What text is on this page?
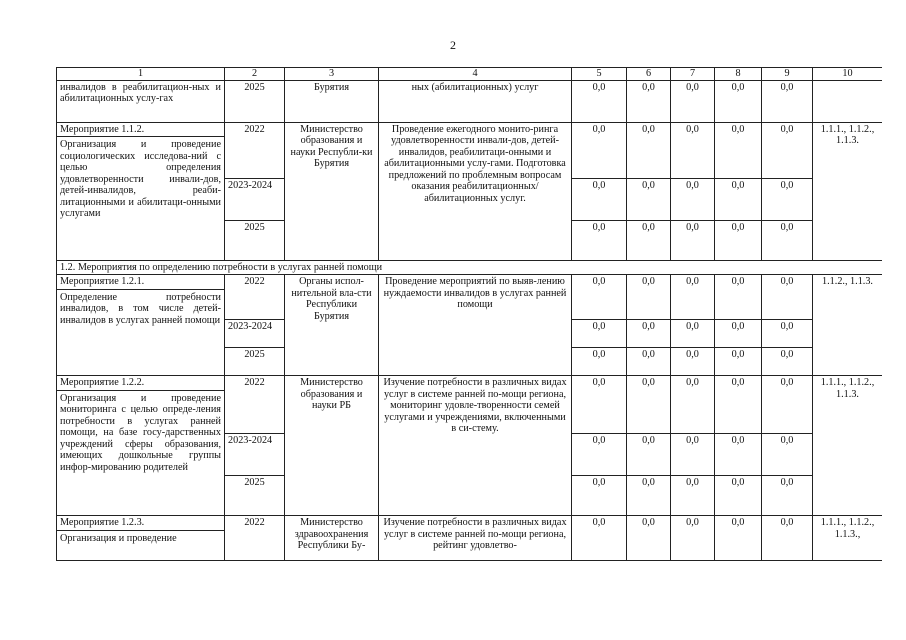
2
1	2	3	4	5	6	7	8	9	10
инвалидов в реабилитацион-ных и абилитационных услу-гах	2025	Бурятия	ных (абилитационных) услуг	0,0	0,0	0,0	0,0	0,0	

Мероприятие 1.1.2.
Организация и проведение социологических исследова-ний с целью определения удовлетворенности инвали-дов, детей-инвалидов, реаби-литационными и абилитаци-онными услугами	2022	Министерство образования и науки Республи-ки Бурятия	Проведение ежегодного монито-ринга удовлетворенности инвали-дов, детей-инвалидов, реабилитаци-онными и абилитационными услу-гами. Подготовка предложений по проблемным вопросам оказания реабилитационных/абилитационных услуг.	0,0	0,0	0,0	0,0	0,0	1.1.1., 1.1.2., 1.1.3.
	2023-2024			0,0	0,0	0,0	0,0	0,0	
	2025			0,0	0,0	0,0	0,0	0,0	
1.2. Мероприятия по определению потребности в услугах ранней помощи									

Мероприятие 1.2.1.
Определение потребности инвалидов, в том числе детей-инвалидов в услугах ранней помощи	2022	Органы испол-нительной вла-сти Республики Бурятия	Проведение мероприятий по выяв-лению нуждаемости инвалидов в услугах ранней помощи	0,0	0,0	0,0	0,0	0,0	1.1.2., 1.1.3.
	2023-2024			0,0	0,0	0,0	0,0	0,0	
	2025			0,0	0,0	0,0	0,0	0,0	

Мероприятие 1.2.2.
Организация и проведение мониторинга с целью опреде-ления потребности в услугах ранней помощи, на базе госу-дарственных учреждений сферы образования, имеющих дошкольные группы инфор-мированию родителей	2022	Министерство образования и науки РБ	Изучение потребности в различных видах услуг в системе ранней по-мощи региона, мониторинг удовле-творенности семей услугами и учреждениями, включенными в си-стему.	0,0	0,0	0,0	0,0	0,0	1.1.1., 1.1.2., 1.1.3.
	2023-2024			0,0	0,0	0,0	0,0	0,0	
	2025			0,0	0,0	0,0	0,0	0,0	

Мероприятие 1.2.3.
Организация и проведение	2022	Министерство здравоохранения Республики Бу-	Изучение потребности в различных видах услуг в системе ранней по-мощи региона, рейтинг удовлетво-	0,0	0,0	0,0	0,0	0,0	1.1.1., 1.1.2., 1.1.3.,
